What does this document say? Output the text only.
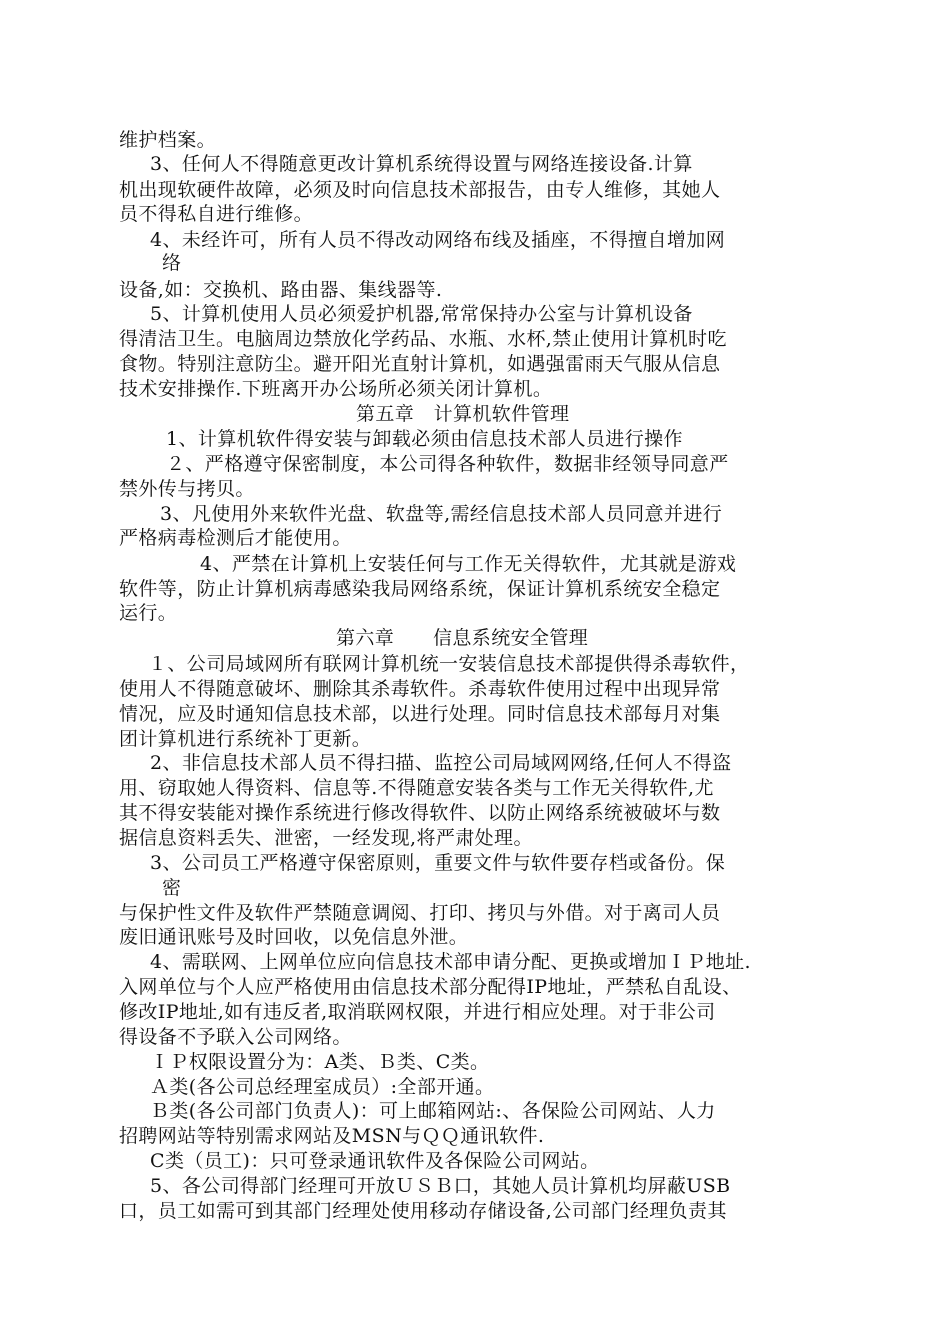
维护档案。
3、任何人不得随意更改计算机系统得设置与网络连接设备.计算
机出现软硬件故障，必须及时向信息技术部报告，由专人维修，其她人
员不得私自进行维修。
4、未经许可，所有人员不得改动网络布线及插座，不得擅自增加网
络
设备,如：交换机、路由器、集线器等.
5、计算机使用人员必须爱护机器,常常保持办公室与计算机设备
得清洁卫生。电脑周边禁放化学药品、水瓶、水杯,禁止使用计算机时吃
食物。特别注意防尘。避开阳光直射计算机，如遇强雷雨天气服从信息
技术安排操作.下班离开办公场所必须关闭计算机。
第五章　计算机软件管理
1、计算机软件得安装与卸载必须由信息技术部人员进行操作
２、严格遵守保密制度，本公司得各种软件，数据非经领导同意严
禁外传与拷贝。
3、凡使用外来软件光盘、软盘等,需经信息技术部人员同意并进行
严格病毒检测后才能使用。
4、严禁在计算机上安装任何与工作无关得软件，尤其就是游戏
软件等，防止计算机病毒感染我局网络系统，保证计算机系统安全稳定
运行。
第六章　　信息系统安全管理
１、公司局域网所有联网计算机统一安装信息技术部提供得杀毒软件，
使用人不得随意破坏、删除其杀毒软件。杀毒软件使用过程中出现异常
情况，应及时通知信息技术部，以进行处理。同时信息技术部每月对集
团计算机进行系统补丁更新。
2、非信息技术部人员不得扫描、监控公司局域网网络,任何人不得盗
用、窃取她人得资料、信息等.不得随意安装各类与工作无关得软件,尤
其不得安装能对操作系统进行修改得软件、以防止网络系统被破坏与数
据信息资料丢失、泄密，一经发现,将严肃处理。
3、公司员工严格遵守保密原则，重要文件与软件要存档或备份。保
密
与保护性文件及软件严禁随意调阅、打印、拷贝与外借。对于离司人员
废旧通讯账号及时回收，以免信息外泄。
4、需联网、上网单位应向信息技术部申请分配、更换或增加ＩＰ地址.
入网单位与个人应严格使用由信息技术部分配得IP地址，严禁私自乱设、
修改IP地址,如有违反者,取消联网权限，并进行相应处理。对于非公司
得设备不予联入公司网络。
ＩＰ权限设置分为：A类、Ｂ类、C类。
Ａ类(各公司总经理室成员）:全部开通。
Ｂ类(各公司部门负责人)：可上邮箱网站:、各保险公司网站、人力
招聘网站等特别需求网站及MSN与ＱＱ通讯软件.
C类（员工)：只可登录通讯软件及各保险公司网站。
5、各公司得部门经理可开放ＵＳＢ口，其她人员计算机均屏蔽USB
口，员工如需可到其部门经理处使用移动存储设备,公司部门经理负责其
